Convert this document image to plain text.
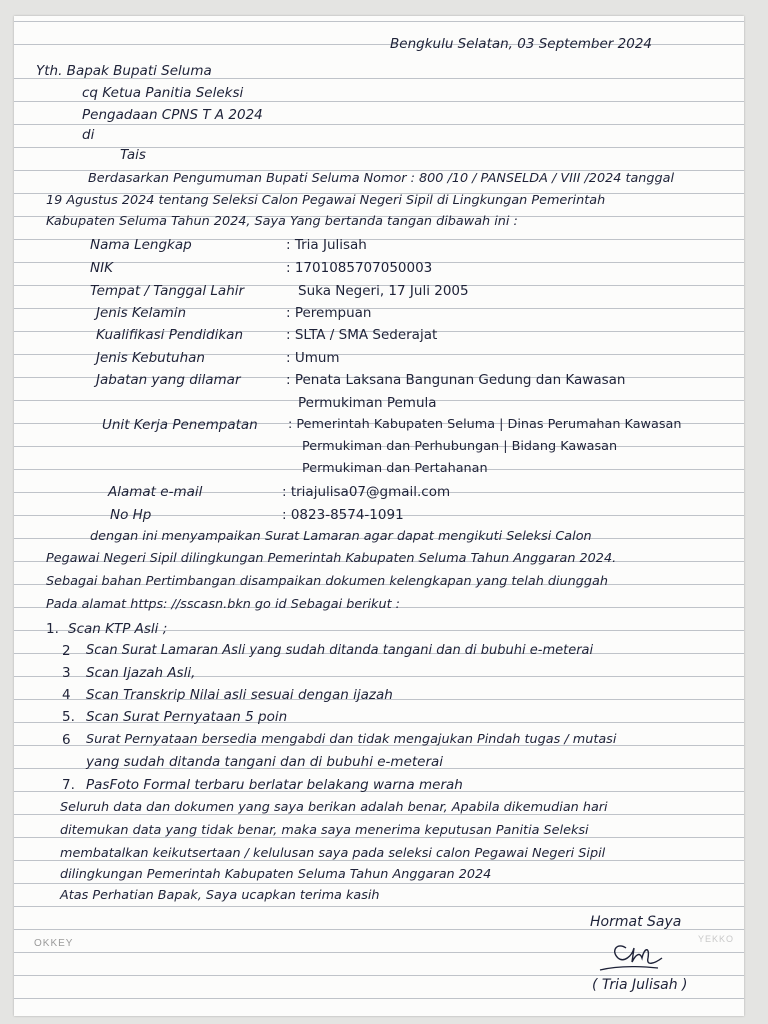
Bengkulu Selatan, 03 September 2024
Yth. Bapak Bupati Seluma
cq Ketua Panitia Seleksi
Pengadaan CPNS T A 2024
di
Tais
Berdasarkan Pengumuman Bupati Seluma Nomor : 800 /10 / PANSELDA / VIII /2024 tanggal
19 Agustus 2024 tentang Seleksi Calon Pegawai Negeri Sipil di Lingkungan Pemerintah
Kabupaten Seluma Tahun 2024, Saya Yang bertanda tangan dibawah ini :
Nama Lengkap	: Tria Julisah
NIK	: 1701085707050003
Tempat / Tanggal Lahir	Suka Negeri, 17 Juli 2005
Jenis Kelamin	: Perempuan
Kualifikasi Pendidikan	: SLTA / SMA Sederajat
Jenis Kebutuhan	: Umum
Jabatan yang dilamar	: Penata Laksana Bangunan Gedung dan Kawasan
Permukiman Pemula
Unit Kerja Penempatan : Pemerintah Kabupaten Seluma | Dinas Perumahan Kawasan
Permukiman dan Perhubungan | Bidang Kawasan
Permukiman dan Pertahanan
Alamat e-mail	: triajulisa07@gmail.com
No Hp	: 0823-8574-1091
dengan ini menyampaikan Surat Lamaran agar dapat mengikuti Seleksi Calon
Pegawai Negeri Sipil dilingkungan Pemerintah Kabupaten Seluma Tahun Anggaran 2024.
Sebagai bahan Pertimbangan disampaikan dokumen kelengkapan yang telah diunggah
Pada alamat https: //sscasn.bkn go id Sebagai berikut :
1. Scan KTP Asli ;
2 Scan Surat Lamaran Asli yang sudah ditanda tangani dan di bubuhi e-meterai
3 Scan Ijazah Asli,
4 Scan Transkrip Nilai asli sesuai dengan ijazah
5. Scan Surat Pernyataan 5 poin
6 Surat Pernyataan bersedia mengabdi dan tidak mengajukan Pindah tugas / mutasi
yang sudah ditanda tangani dan di bubuhi e-meterai
7. PasFoto Formal terbaru berlatar belakang warna merah
Seluruh data dan dokumen yang saya berikan adalah benar, Apabila dikemudian hari
ditemukan data yang tidak benar, maka saya menerima keputusan Panitia Seleksi
membatalkan keikutsertaan / kelulusan saya pada seleksi calon Pegawai Negeri Sipil
dilingkungan Pemerintah Kabupaten Seluma Tahun Anggaran 2024
Atas Perhatian Bapak, Saya ucapkan terima kasih
Hormat Saya
( Tria Julisah )
OKKEY	YEKKO
